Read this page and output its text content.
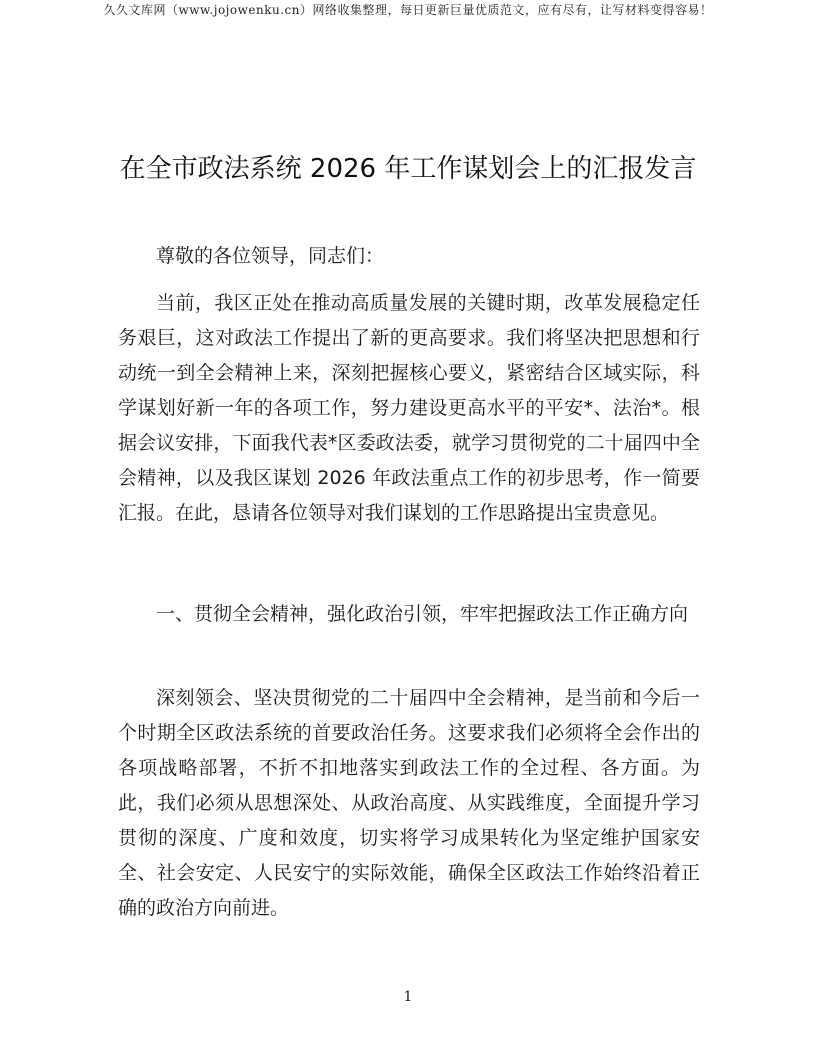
久久文库网（www.jojowenku.cn）网络收集整理，每日更新巨量优质范文，应有尽有，让写材料变得容易！
在全市政法系统 2026 年工作谋划会上的汇报发言

尊敬的各位领导，同志们：

当前，我区正处在推动高质量发展的关键时期，改革发展稳定任务艰巨，这对政法工作提出了新的更高要求。我们将坚决把思想和行动统一到全会精神上来，深刻把握核心要义，紧密结合区域实际，科学谋划好新一年的各项工作，努力建设更高水平的平安*、法治*。根据会议安排，下面我代表*区委政法委，就学习贯彻党的二十届四中全会精神，以及我区谋划 2026 年政法重点工作的初步思考，作一简要汇报。在此，恳请各位领导对我们谋划的工作思路提出宝贵意见。

一、贯彻全会精神，强化政治引领，牢牢把握政法工作正确方向

深刻领会、坚决贯彻党的二十届四中全会精神，是当前和今后一个时期全区政法系统的首要政治任务。这要求我们必须将全会作出的各项战略部署，不折不扣地落实到政法工作的全过程、各方面。为此，我们必须从思想深处、从政治高度、从实践维度，全面提升学习贯彻的深度、广度和效度，切实将学习成果转化为坚定维护国家安全、社会安定、人民安宁的实际效能，确保全区政法工作始终沿着正确的政治方向前进。

1
